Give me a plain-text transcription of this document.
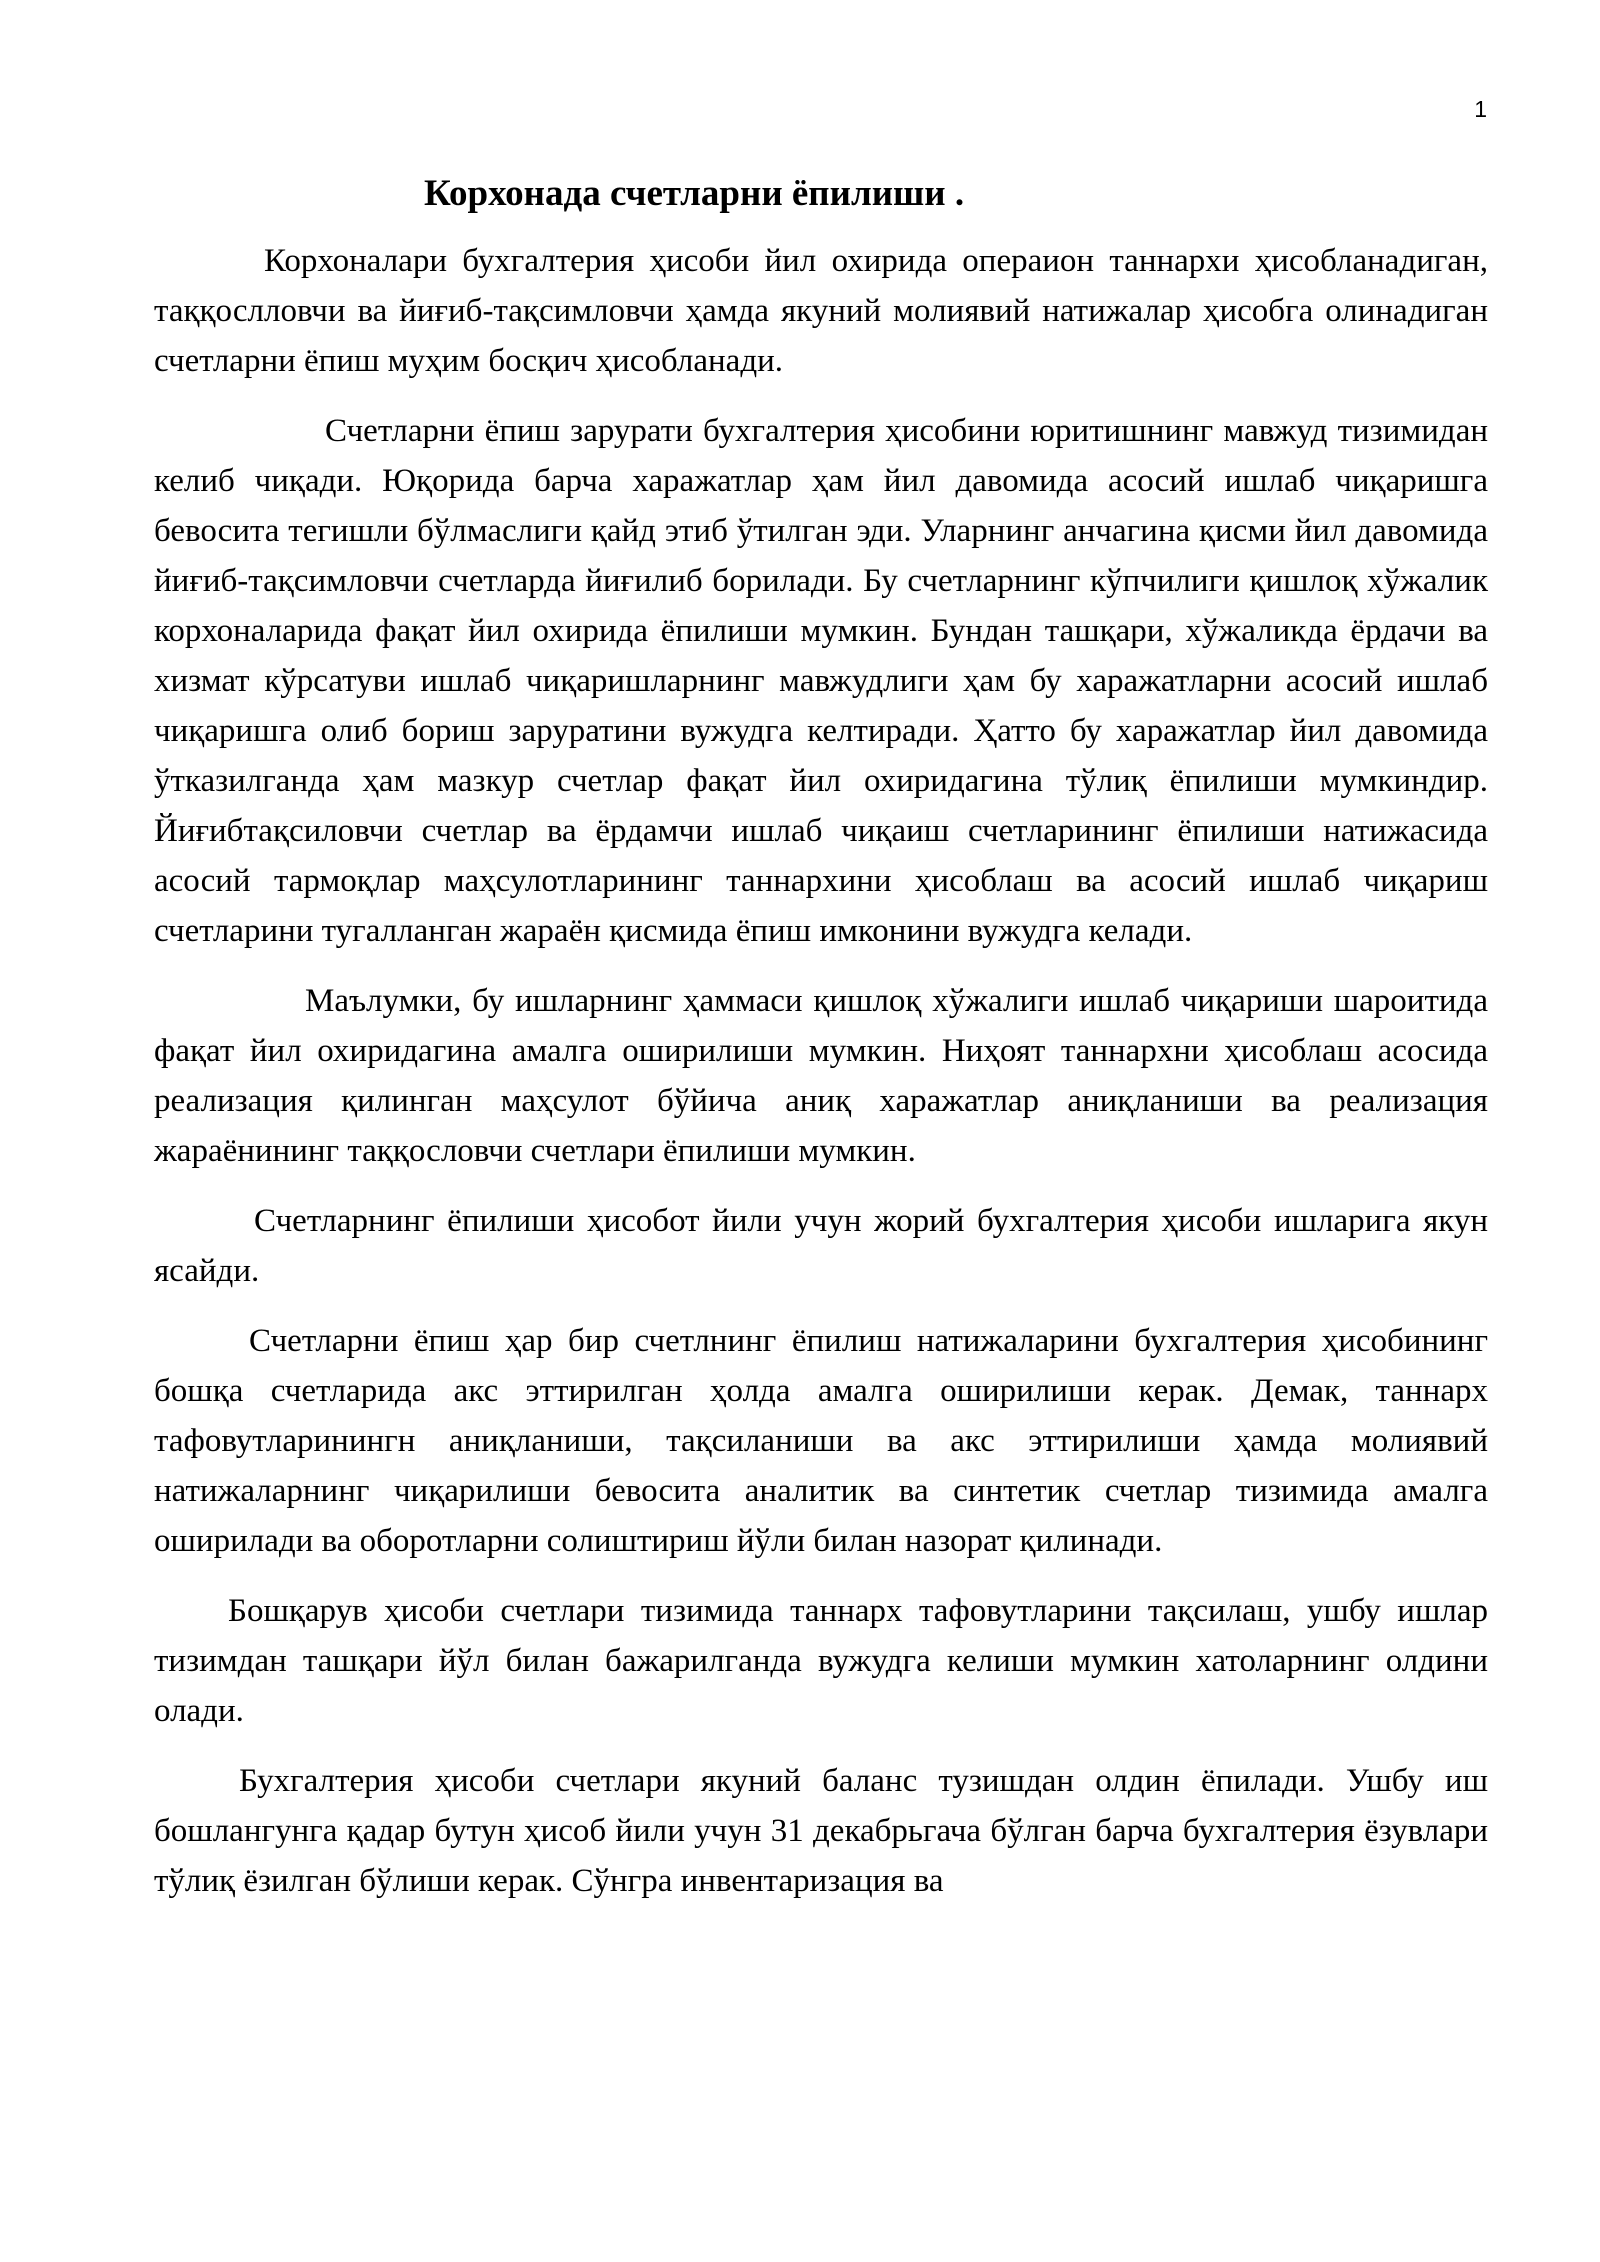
1
Корхонада счетларни ёпилиши .

Корхоналари бухгалтерия ҳисоби йил охирида операион таннархи ҳисобланадиган, таққослловчи ва йиғиб-тақсимловчи ҳамда якуний молиявий натижалар ҳисобга олинадиган счетларни ёпиш муҳим босқич ҳисобланади.

Счетларни ёпиш зарурати бухгалтерия ҳисобини юритишнинг мавжуд тизимидан келиб чиқади. Юқорида барча харажатлар ҳам йил давомида асосий ишлаб чиқаришга бевосита тегишли бўлмаслиги қайд этиб ўтилган эди. Уларнинг анчагина қисми йил давомида йиғиб-тақсимловчи счетларда йиғилиб борилади. Бу счетларнинг кўпчилиги қишлоқ хўжалик корхоналарида фақат йил охирида ёпилиши мумкин. Бундан ташқари, хўжаликда ёрдачи ва хизмат кўрсатуви ишлаб чиқаришларнинг мавжудлиги ҳам бу харажатларни асосий ишлаб чиқаришга олиб бориш заруратини вужудга келтиради. Ҳатто бу харажатлар йил давомида ўтказилганда ҳам мазкур счетлар фақат йил охиридагина тўлиқ ёпилиши мумкиндир. Йиғибтақсиловчи счетлар ва ёрдамчи ишлаб чиқаиш счетларининг ёпилиши натижасида асосий тармоқлар маҳсулотларининг таннархини ҳисоблаш ва асосий ишлаб чиқариш счетларини тугалланган жараён қисмида ёпиш имконини вужудга келади.

Маълумки, бу ишларнинг ҳаммаси қишлоқ хўжалиги ишлаб чиқариши шароитида фақат йил охиридагина амалга оширилиши мумкин. Ниҳоят таннархни ҳисоблаш асосида реализация қилинган маҳсулот бўйича аниқ харажатлар аниқланиши ва реализация жараёнининг таққословчи счетлари ёпилиши мумкин.

Счетларнинг ёпилиши ҳисобот йили учун жорий бухгалтерия ҳисоби ишларига якун ясайди.

Счетларни ёпиш ҳар бир счетлнинг ёпилиш натижаларини бухгалтерия ҳисобининг бошқа счетларида акс эттирилган ҳолда амалга оширилиши керак. Демак, таннарх тафовутларинингн аниқланиши, тақсиланиши ва акс эттирилиши ҳамда молиявий натижаларнинг чиқарилиши бевосита аналитик ва синтетик счетлар тизимида амалга оширилади ва оборотларни солиштириш йўли билан назорат қилинади.

Бошқарув ҳисоби счетлари тизимида таннарх тафовутларини тақсилаш, ушбу ишлар тизимдан ташқари йўл билан бажарилганда вужудга келиши мумкин хатоларнинг олдини олади.

Бухгалтерия ҳисоби счетлари якуний баланс тузишдан олдин ёпилади. Ушбу иш бошлангунга қадар бутун ҳисоб йили учун 31 декабрьгача бўлган барча бухгалтерия ёзувлари тўлиқ ёзилган бўлиши керак. Сўнгра инвентаризация ва
